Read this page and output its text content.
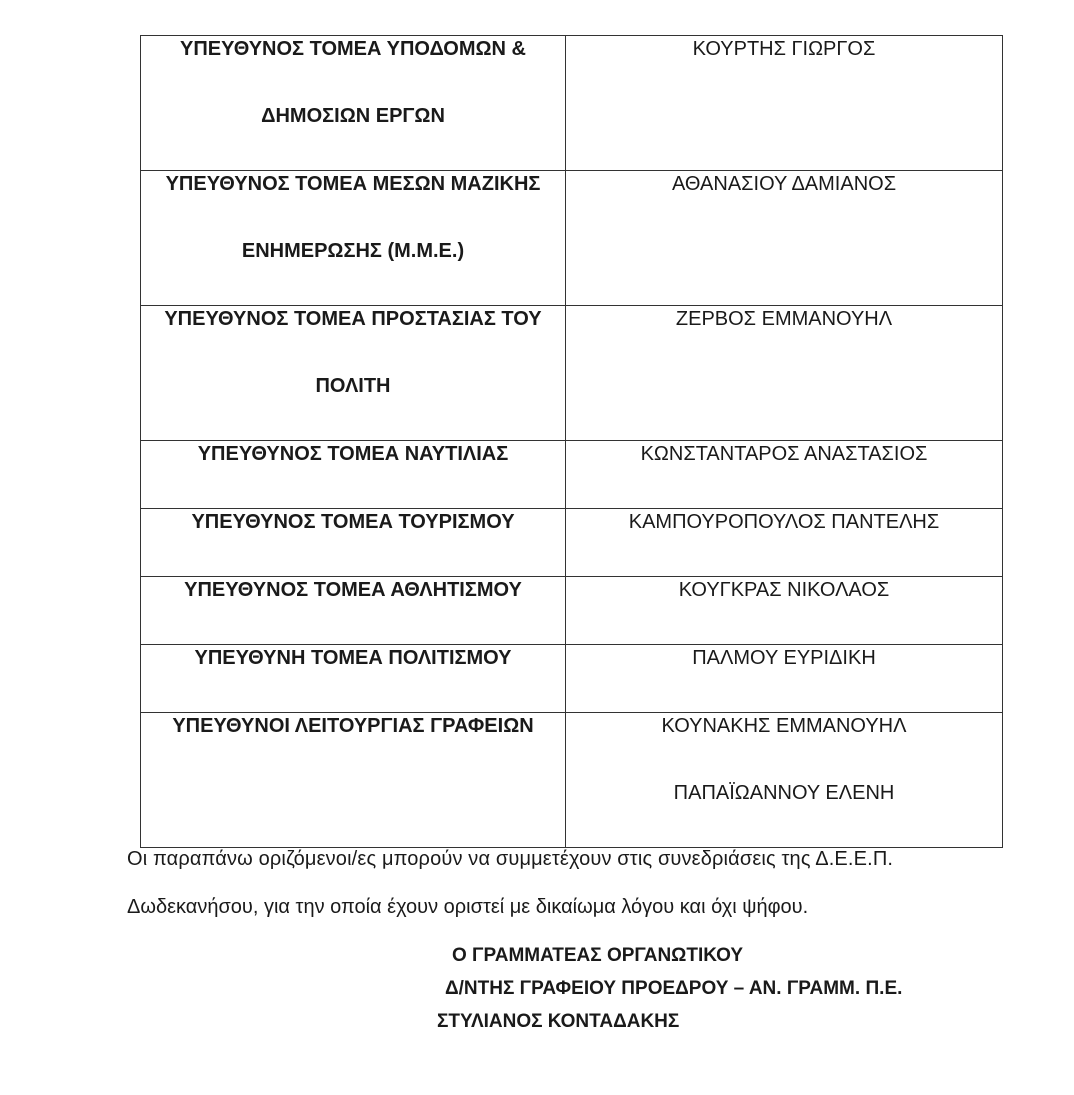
ΥΠΕΥΘΥΝΟΣ ΤΟΜΕΑ ΥΠΟΔΟΜΩΝ &
ΔΗΜΟΣΙΩΝ ΕΡΓΩΝ	ΚΟΥΡΤΗΣ ΓΙΩΡΓΟΣ

ΥΠΕΥΘΥΝΟΣ ΤΟΜΕΑ ΜΕΣΩΝ ΜΑΖΙΚΗΣ
ΕΝΗΜΕΡΩΣΗΣ (Μ.Μ.Ε.)	ΑΘΑΝΑΣΙΟΥ ΔΑΜΙΑΝΟΣ

ΥΠΕΥΘΥΝΟΣ ΤΟΜΕΑ ΠΡΟΣΤΑΣΙΑΣ ΤΟΥ
ΠΟΛΙΤΗ	ΖΕΡΒΟΣ ΕΜΜΑΝΟΥΗΛ

ΥΠΕΥΘΥΝΟΣ ΤΟΜΕΑ ΝΑΥΤΙΛΙΑΣ	ΚΩΝΣΤΑΝΤΑΡΟΣ ΑΝΑΣΤΑΣΙΟΣ

ΥΠΕΥΘΥΝΟΣ ΤΟΜΕΑ ΤΟΥΡΙΣΜΟΥ	ΚΑΜΠΟΥΡΟΠΟΥΛΟΣ ΠΑΝΤΕΛΗΣ

ΥΠΕΥΘΥΝΟΣ ΤΟΜΕΑ ΑΘΛΗΤΙΣΜΟΥ	ΚΟΥΓΚΡΑΣ ΝΙΚΟΛΑΟΣ

ΥΠΕΥΘΥΝΗ ΤΟΜΕΑ ΠΟΛΙΤΙΣΜΟΥ	ΠΑΛΜΟΥ ΕΥΡΙΔΙΚΗ

ΥΠΕΥΘΥΝΟΙ ΛΕΙΤΟΥΡΓΙΑΣ ΓΡΑΦΕΙΩΝ	ΚΟΥΝΑΚΗΣ ΕΜΜΑΝΟΥΗΛ
ΠΑΠΑΪΩΑΝΝΟΥ ΕΛΕΝΗ
Οι παραπάνω οριζόμενοι/ες μπορούν να συμμετέχουν στις συνεδριάσεις της Δ.Ε.Ε.Π.
Δωδεκανήσου, για την οποία έχουν οριστεί με δικαίωμα λόγου και όχι ψήφου.
Ο ΓΡΑΜΜΑΤΕΑΣ ΟΡΓΑΝΩΤΙΚΟΥ
Δ/ΝΤΗΣ ΓΡΑΦΕΙΟΥ ΠΡΟΕΔΡΟΥ – ΑΝ. ΓΡΑΜΜ. Π.Ε.
ΣΤΥΛΙΑΝΟΣ ΚΟΝΤΑΔΑΚΗΣ
